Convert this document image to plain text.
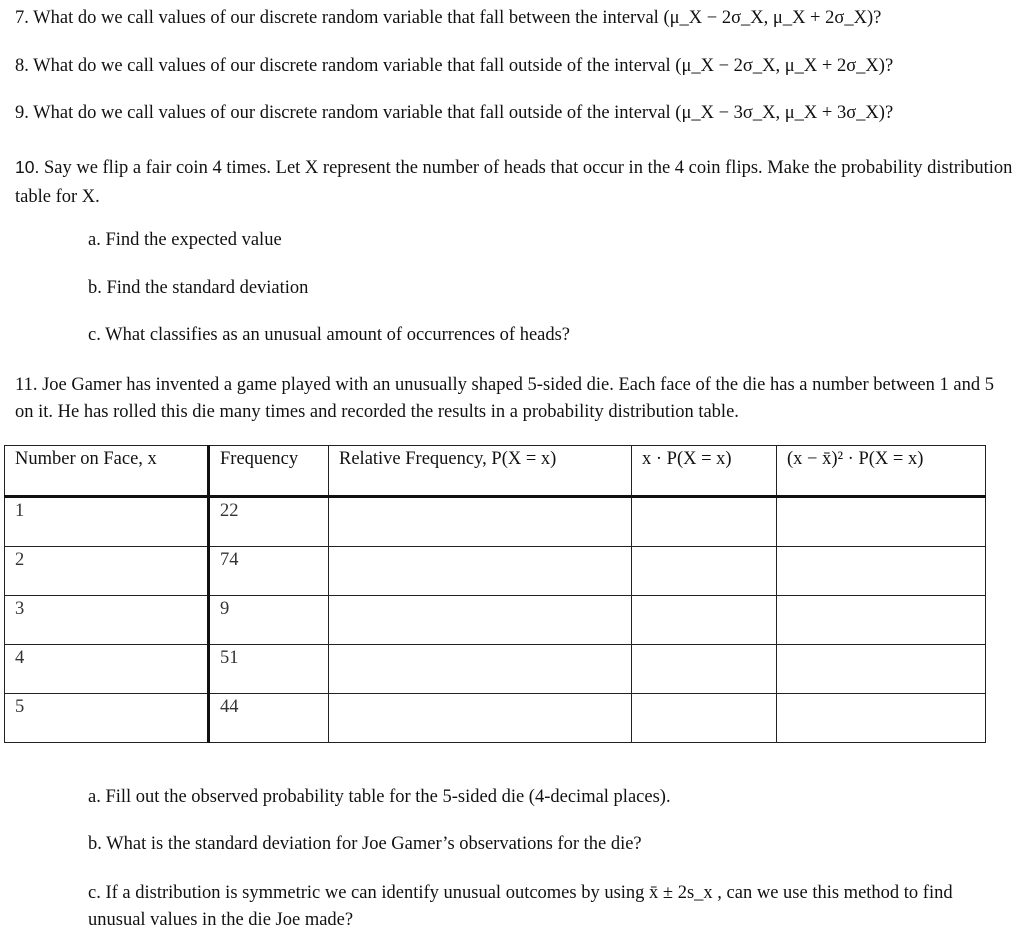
7. What do we call values of our discrete random variable that fall between the interval (μ_X − 2σ_X, μ_X + 2σ_X)?
8. What do we call values of our discrete random variable that fall outside of the interval (μ_X − 2σ_X, μ_X + 2σ_X)?
9. What do we call values of our discrete random variable that fall outside of the interval (μ_X − 3σ_X, μ_X + 3σ_X)?
10. Say we flip a fair coin 4 times. Let X represent the number of heads that occur in the 4 coin flips. Make the probability distribution table for X.
a. Find the expected value
b. Find the standard deviation
c. What classifies as an unusual amount of occurrences of heads?
11. Joe Gamer has invented a game played with an unusually shaped 5-sided die. Each face of the die has a number between 1 and 5 on it. He has rolled this die many times and recorded the results in a probability distribution table.
Number on Face, x	Frequency	Relative Frequency, P(X = x)	x · P(X = x)	(x − x̄)² · P(X = x)
1	22			
2	74			
3	9			
4	51			
5	44			
a. Fill out the observed probability table for the 5-sided die (4-decimal places).
b. What is the standard deviation for Joe Gamer’s observations for the die?
c. If a distribution is symmetric we can identify unusual outcomes by using x̄ ± 2s_x , can we use this method to find unusual values in the die Joe made?
